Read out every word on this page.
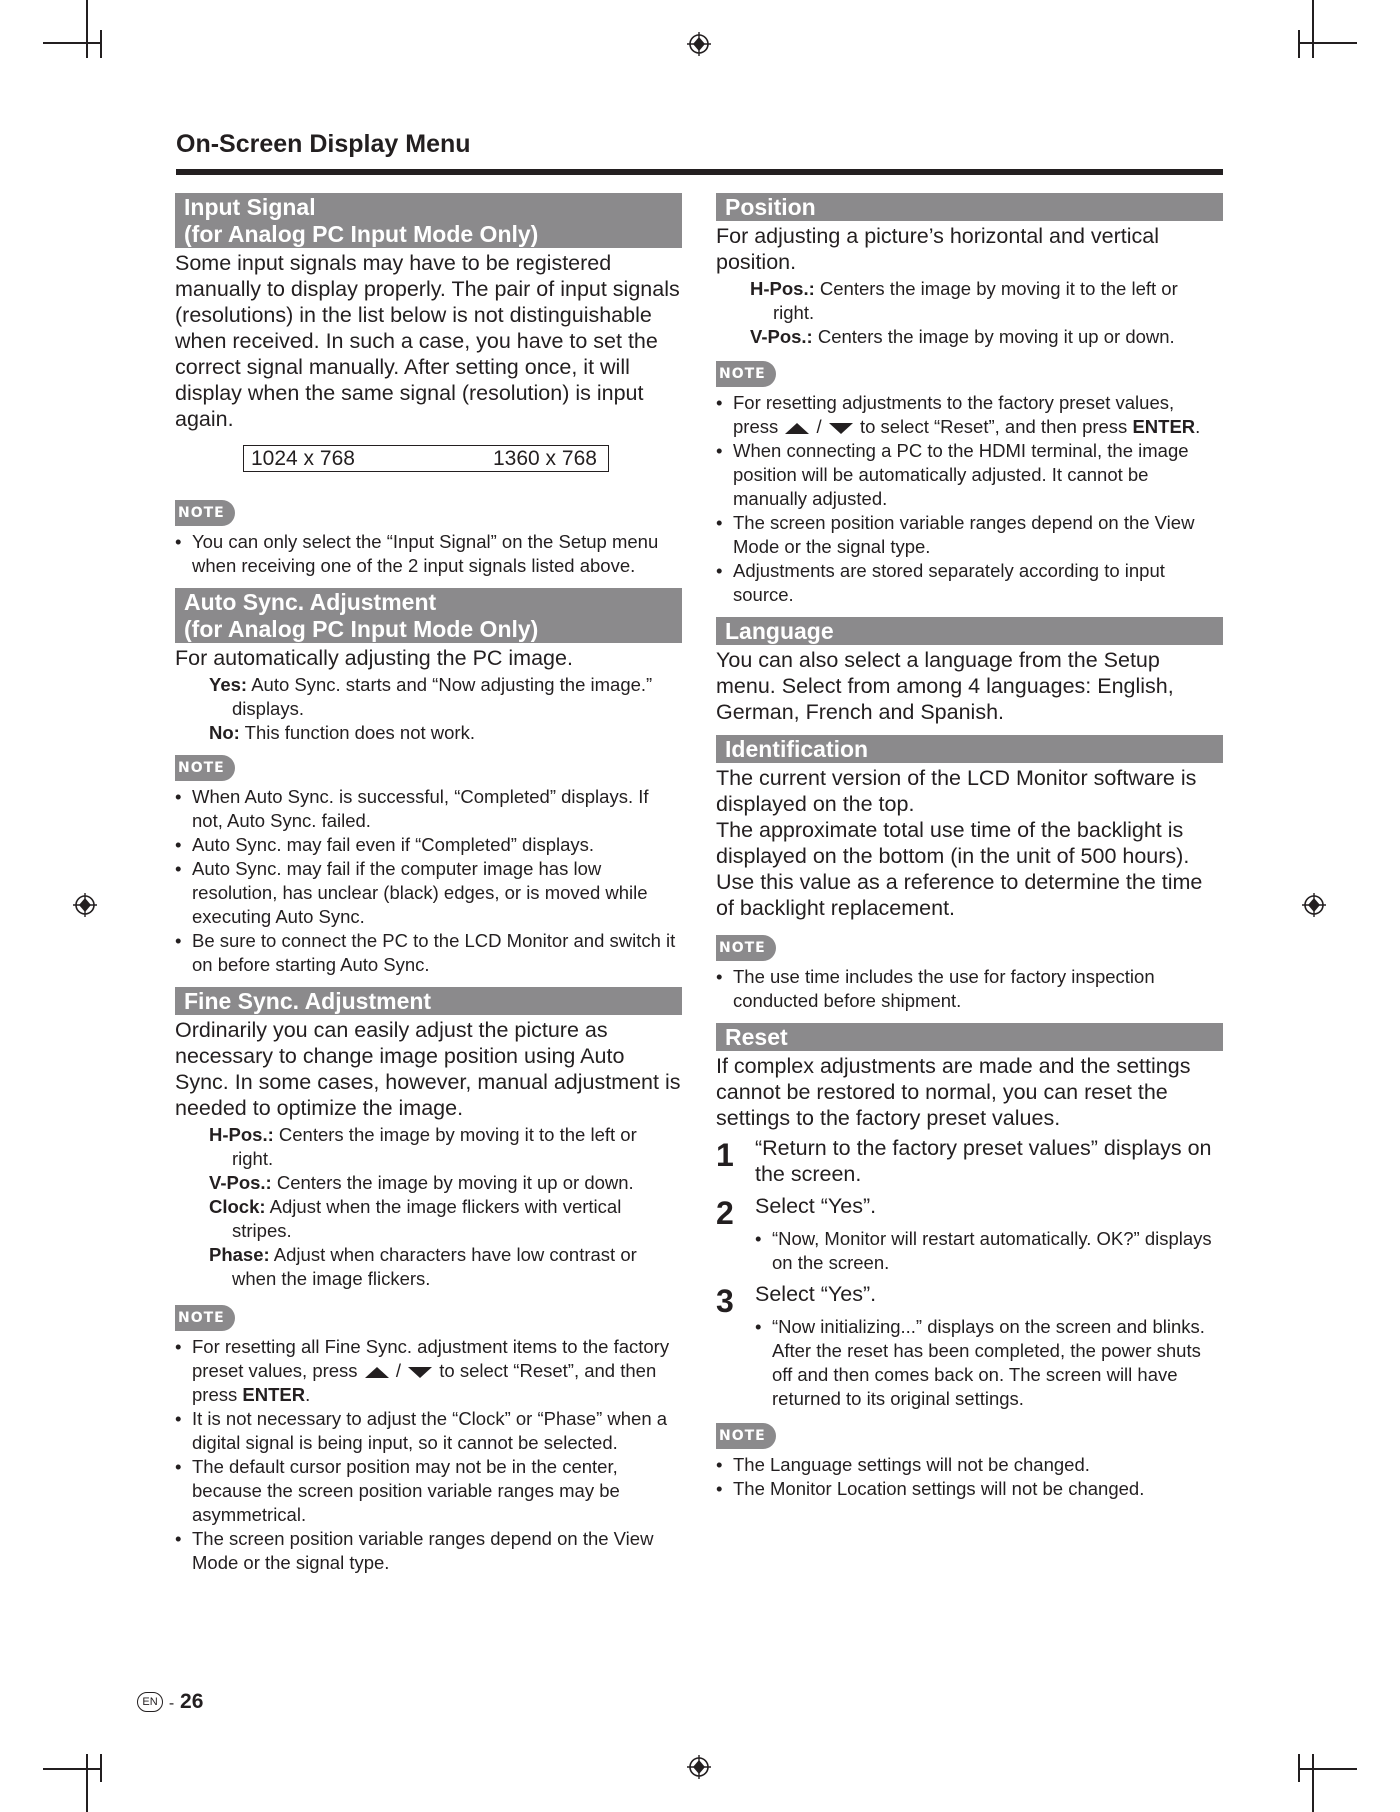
On-Screen Display Menu
Input Signal
(for Analog PC Input Mode Only)

Some input signals may have to be registered manually to display properly. The pair of input signals (resolutions) in the list below is not distinguishable when received. In such a case, you have to set the correct signal manually. After setting once, it will display when the same signal (resolution) is input again.

1024 x 768	1360 x 768
NOTE
• You can only select the “Input Signal” on the Setup menu when receiving one of the 2 input signals listed above.
Auto Sync. Adjustment
(for Analog PC Input Mode Only)

For automatically adjusting the PC image.

Yes: Auto Sync. starts and “Now adjusting the image.” displays.
No: This function does not work.
NOTE
• When Auto Sync. is successful, “Completed” displays. If not, Auto Sync. failed.
• Auto Sync. may fail even if “Completed” displays.
• Auto Sync. may fail if the computer image has low resolution, has unclear (black) edges, or is moved while executing Auto Sync.
• Be sure to connect the PC to the LCD Monitor and switch it on before starting Auto Sync.
Fine Sync. Adjustment

Ordinarily you can easily adjust the picture as necessary to change image position using Auto Sync. In some cases, however, manual adjustment is needed to optimize the image.

H-Pos.: Centers the image by moving it to the left or right.
V-Pos.: Centers the image by moving it up or down.
Clock: Adjust when the image flickers with vertical stripes.
Phase: Adjust when characters have low contrast or when the image flickers.
NOTE
• For resetting all Fine Sync. adjustment items to the factory preset values, press / to select “Reset”, and then press ENTER.
• It is not necessary to adjust the “Clock” or “Phase” when a digital signal is being input, so it cannot be selected.
• The default cursor position may not be in the center, because the screen position variable ranges may be asymmetrical.
• The screen position variable ranges depend on the View Mode or the signal type.
Position

For adjusting a picture’s horizontal and vertical position.

H-Pos.: Centers the image by moving it to the left or right.
V-Pos.: Centers the image by moving it up or down.
NOTE
• For resetting adjustments to the factory preset values, press / to select “Reset”, and then press ENTER.
• When connecting a PC to the HDMI terminal, the image position will be automatically adjusted. It cannot be manually adjusted.
• The screen position variable ranges depend on the View Mode or the signal type.
• Adjustments are stored separately according to input source.
Language

You can also select a language from the Setup menu. Select from among 4 languages: English, German, French and Spanish.

Identification

The current version of the LCD Monitor software is displayed on the top.

The approximate total use time of the backlight is displayed on the bottom (in the unit of 500 hours). Use this value as a reference to determine the time of backlight replacement.

NOTE
• The use time includes the use for factory inspection conducted before shipment.
Reset

If complex adjustments are made and the settings cannot be restored to normal, you can reset the settings to the factory preset values.

1 “Return to the factory preset values” displays on the screen.
2 Select “Yes”.
• “Now, Monitor will restart automatically. OK?” displays on the screen.
3 Select “Yes”.
• “Now initializing...” displays on the screen and blinks. After the reset has been completed, the power shuts off and then comes back on. The screen will have returned to its original settings.
NOTE
• The Language settings will not be changed.
• The Monitor Location settings will not be changed.
EN - 26
